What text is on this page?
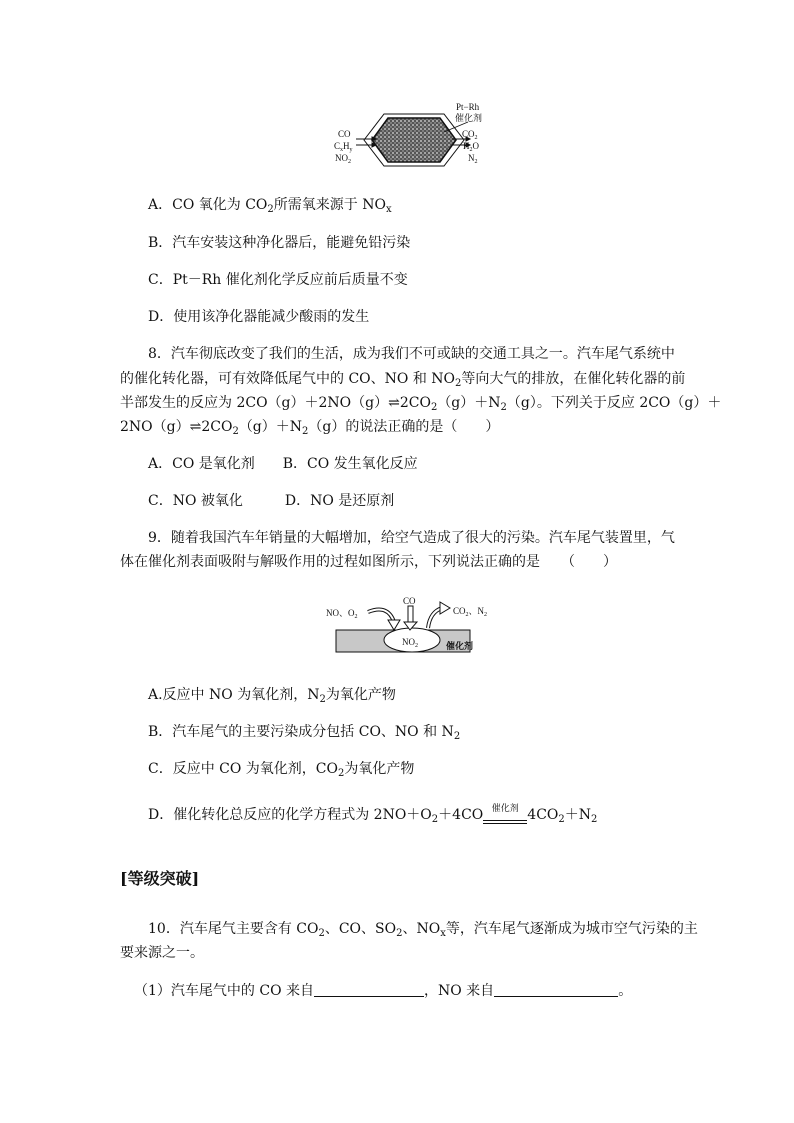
Pt−Rh
催化剂
CO
$C_xH_y$
$NO_2$
$CO_2$
$H_2O$
$N_2$
A．CO 氧化为 $CO_2$所需氧来源于 $NO_x$
B．汽车安装这种净化器后，能避免铅污染
C．Pt－Rh 催化剂化学反应前后质量不变
D．使用该净化器能减少酸雨的发生
8．汽车彻底改变了我们的生活，成为我们不可或缺的交通工具之一。汽车尾气系统中
的催化转化器，可有效降低尾气中的 CO、NO 和 $NO_2$等向大气的排放，在催化转化器的前
半部发生的反应为 $2CO(g)+2NO(g)\rightleftharpoons 2CO_2(g)+N_2(g)$。下列关于反应 2CO（g）＋
$2NO(g)\rightleftharpoons 2CO_2(g)+N_2(g)$的说法正确的是（　　）
A．CO 是氧化剂　　B．CO 发生氧化反应
C．NO 被氧化　　　D．NO 是还原剂
9．随着我国汽车年销量的大幅增加，给空气造成了很大的污染。汽车尾气装置里，气
体在催化剂表面吸附与解吸作用的过程如图所示，下列说法正确的是　　（　　）
$NO_2$	催化剂
NO、$O_2$
CO
$CO_2$、$N_2$
A.反应中 NO 为氧化剂，$N_2$为氧化产物
B．汽车尾气的主要污染成分包括 CO、NO 和 $N_2$
C．反应中 CO 为氧化剂，$CO_2$为氧化产物
D．催化转化总反应的化学方程式为 $2NO+O_2+4CO$ 催化剂 $4CO_2+N_2$
[等级突破]
10．汽车尾气主要含有 $CO_2$、CO、$SO_2$、$NO_x$等，汽车尾气逐渐成为城市空气污染的主
要来源之一。
（1）汽车尾气中的 CO 来自	，NO 来自	。
